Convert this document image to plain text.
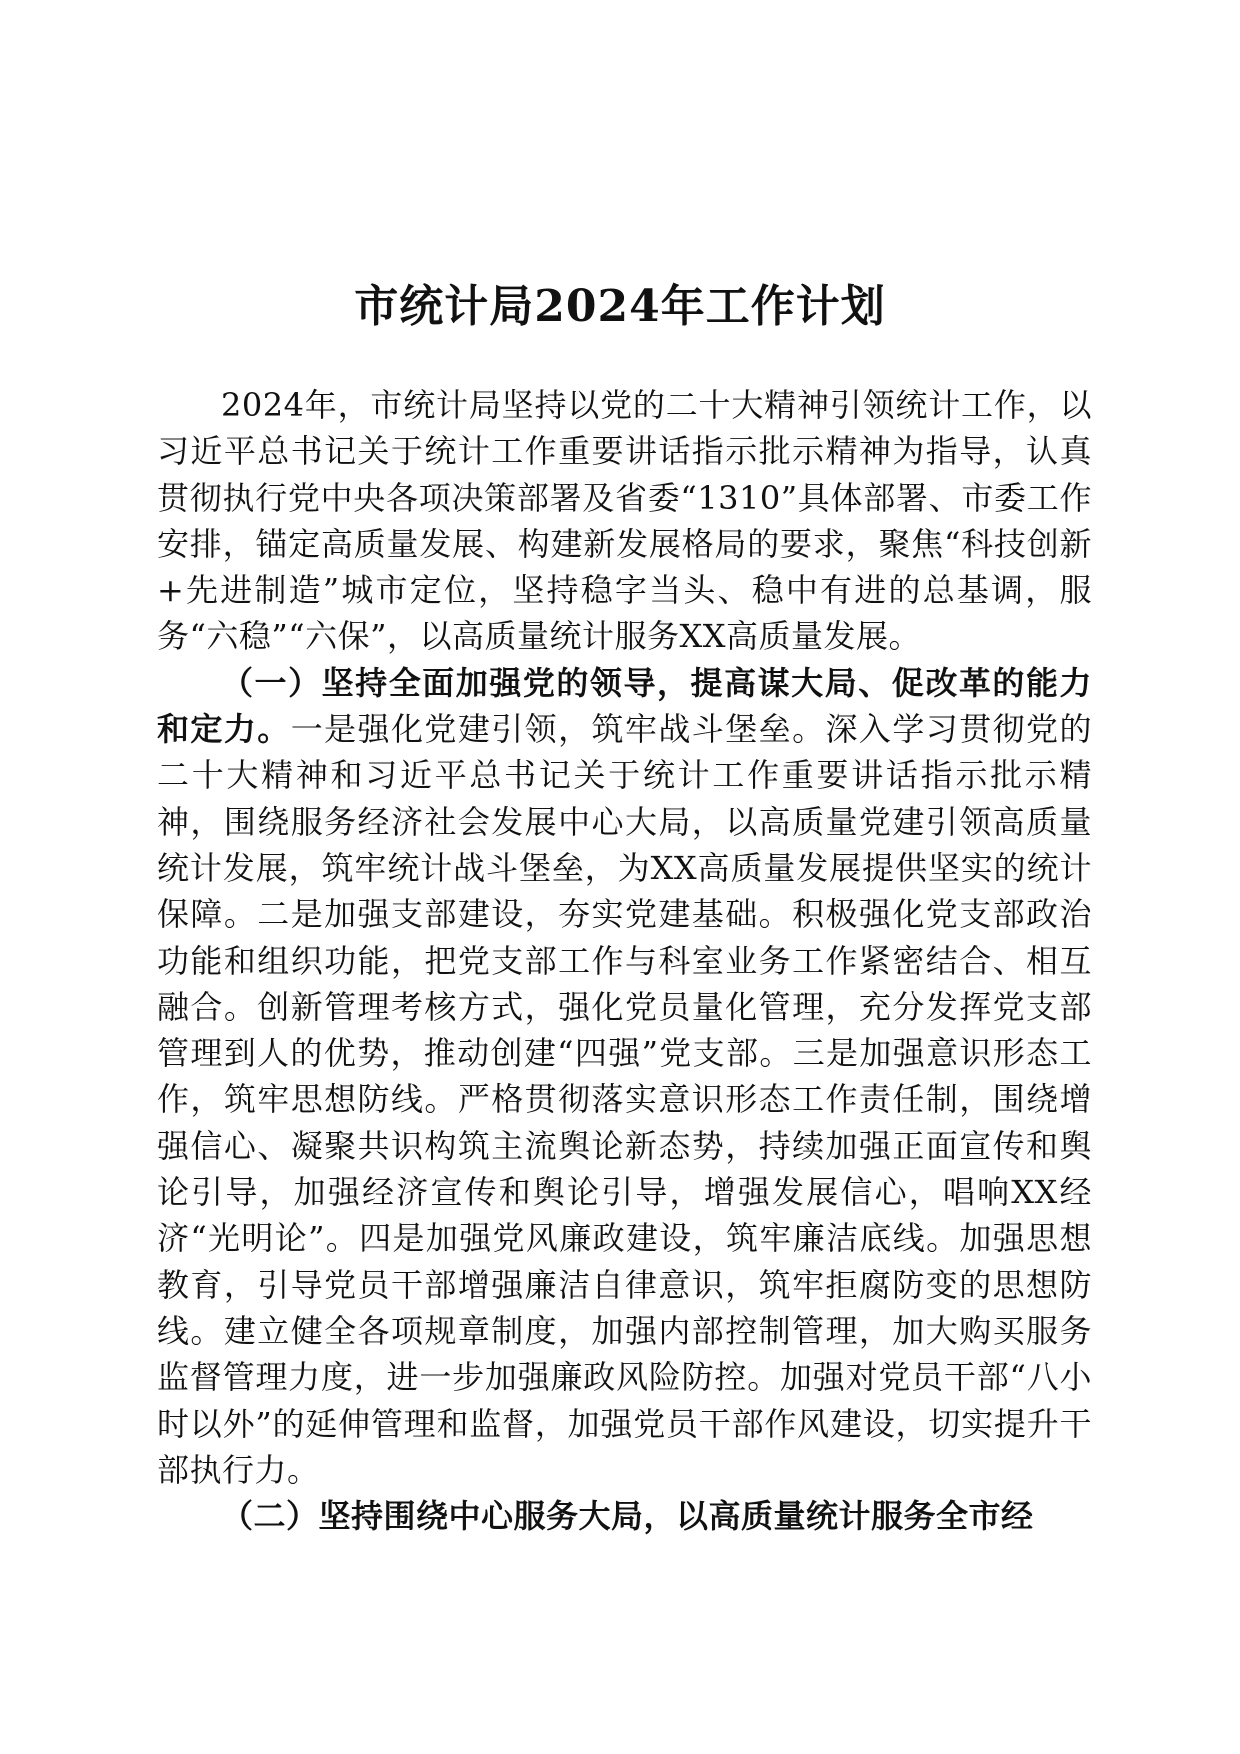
市统计局2024年工作计划

2024年，市统计局坚持以党的二十大精神引领统计工作，以习近平总书记关于统计工作重要讲话指示批示精神为指导，认真贯彻执行党中央各项决策部署及省委“1310”具体部署、市委工作安排，锚定高质量发展、构建新发展格局的要求，聚焦“科技创新+先进制造”城市定位，坚持稳字当头、稳中有进的总基调，服务“六稳”“六保”，以高质量统计服务XX高质量发展。

（一）坚持全面加强党的领导，提高谋大局、促改革的能力和定力。一是强化党建引领，筑牢战斗堡垒。深入学习贯彻党的二十大精神和习近平总书记关于统计工作重要讲话指示批示精神，围绕服务经济社会发展中心大局，以高质量党建引领高质量统计发展，筑牢统计战斗堡垒，为XX高质量发展提供坚实的统计保障。二是加强支部建设，夯实党建基础。积极强化党支部政治功能和组织功能，把党支部工作与科室业务工作紧密结合、相互融合。创新管理考核方式，强化党员量化管理，充分发挥党支部管理到人的优势，推动创建“四强”党支部。三是加强意识形态工作，筑牢思想防线。严格贯彻落实意识形态工作责任制，围绕增强信心、凝聚共识构筑主流舆论新态势，持续加强正面宣传和舆论引导，加强经济宣传和舆论引导，增强发展信心，唱响XX经济“光明论”。四是加强党风廉政建设，筑牢廉洁底线。加强思想教育，引导党员干部增强廉洁自律意识，筑牢拒腐防变的思想防线。建立健全各项规章制度，加强内部控制管理，加大购买服务监督管理力度，进一步加强廉政风险防控。加强对党员干部“八小时以外”的延伸管理和监督，加强党员干部作风建设，切实提升干部执行力。

（二）坚持围绕中心服务大局，以高质量统计服务全市经
